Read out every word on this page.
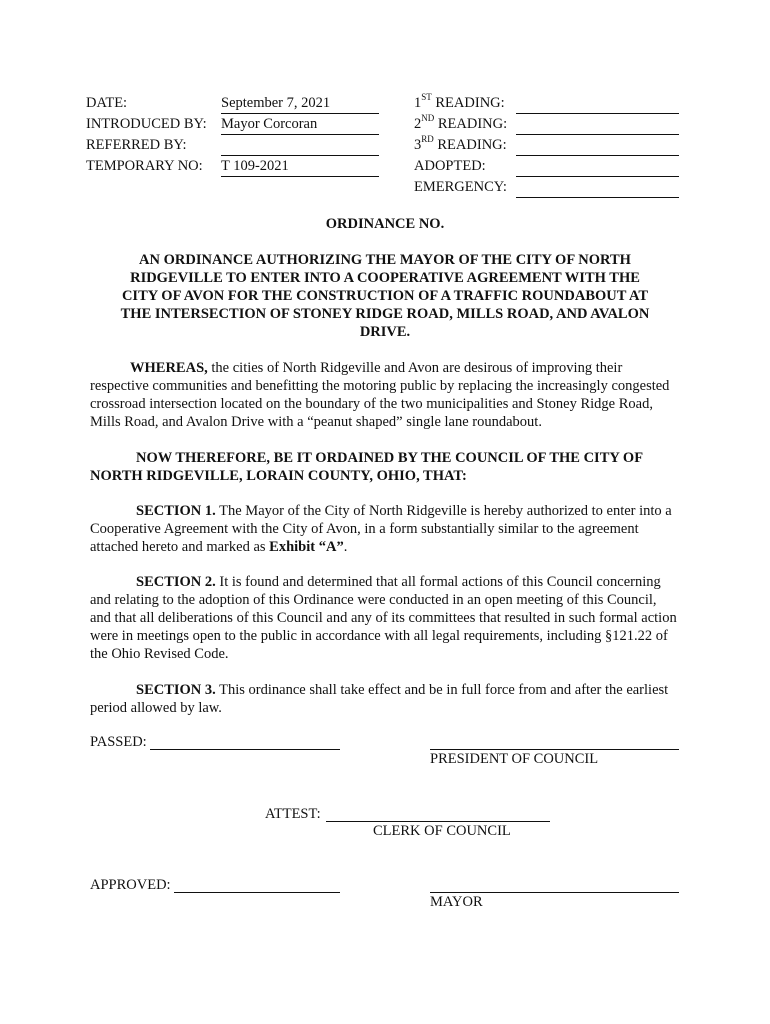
DATE:	September 7, 2021
INTRODUCED BY: Mayor Corcoran
REFERRED BY:
TEMPORARY NO: T 109-2021
1ST READING:
2ND READING:
3RD READING:
ADOPTED:
EMERGENCY:
ORDINANCE NO.
AN ORDINANCE AUTHORIZING THE MAYOR OF THE CITY OF NORTH RIDGEVILLE TO ENTER INTO A COOPERATIVE AGREEMENT WITH THE CITY OF AVON FOR THE CONSTRUCTION OF A TRAFFIC ROUNDABOUT AT THE INTERSECTION OF STONEY RIDGE ROAD, MILLS ROAD, AND AVALON DRIVE.
WHEREAS, the cities of North Ridgeville and Avon are desirous of improving their respective communities and benefitting the motoring public by replacing the increasingly congested crossroad intersection located on the boundary of the two municipalities and Stoney Ridge Road, Mills Road, and Avalon Drive with a “peanut shaped” single lane roundabout.
NOW THEREFORE, BE IT ORDAINED BY THE COUNCIL OF THE CITY OF NORTH RIDGEVILLE, LORAIN COUNTY, OHIO, THAT:
SECTION 1. The Mayor of the City of North Ridgeville is hereby authorized to enter into a Cooperative Agreement with the City of Avon, in a form substantially similar to the agreement attached hereto and marked as Exhibit “A”.
SECTION 2. It is found and determined that all formal actions of this Council concerning and relating to the adoption of this Ordinance were conducted in an open meeting of this Council, and that all deliberations of this Council and any of its committees that resulted in such formal action were in meetings open to the public in accordance with all legal requirements, including §121.22 of the Ohio Revised Code.
SECTION 3. This ordinance shall take effect and be in full force from and after the earliest period allowed by law.
PASSED:
PRESIDENT OF COUNCIL
ATTEST:
CLERK OF COUNCIL
APPROVED:
MAYOR
